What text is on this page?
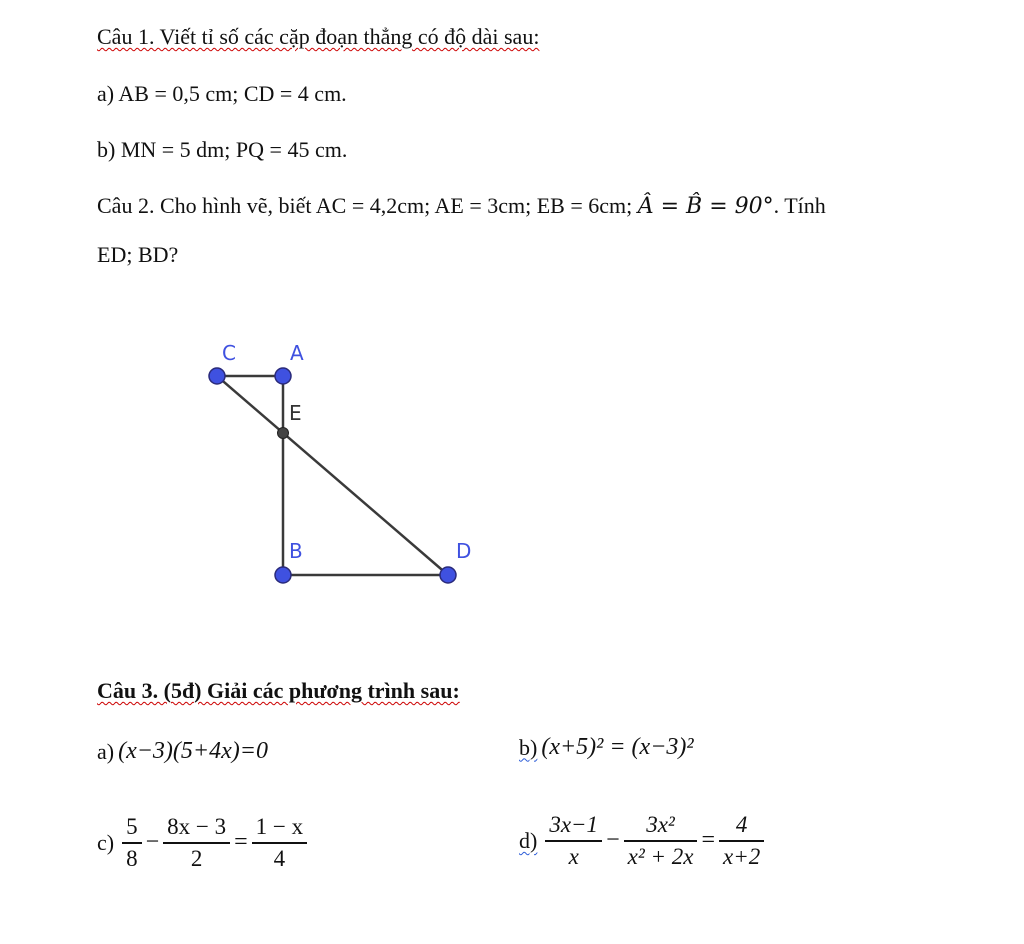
Câu 1. Viết tỉ số các cặp đoạn thẳng có độ dài sau:
a) AB = 0,5 cm; CD = 4 cm.
b) MN = 5 dm; PQ = 45 cm.
Câu 2. Cho hình vẽ, biết AC = 4,2cm; AE = 3cm; EB = 6cm; Â = B̂ = 90°. Tính
ED; BD?
C	A
E
B	D
Câu 3. (5đ) Giải các phương trình sau:
a) (x−3)(5+4x)=0	b) (x+5)² = (x−3)²
$c) \frac{5}{8} - \frac{8x - 3}{2} = \frac{1 - x}{4}$	$d) \frac{3x-1}{x} - \frac{\text{3x²}}{\text{x² + 2x}} = \frac{4}{x+2}$
